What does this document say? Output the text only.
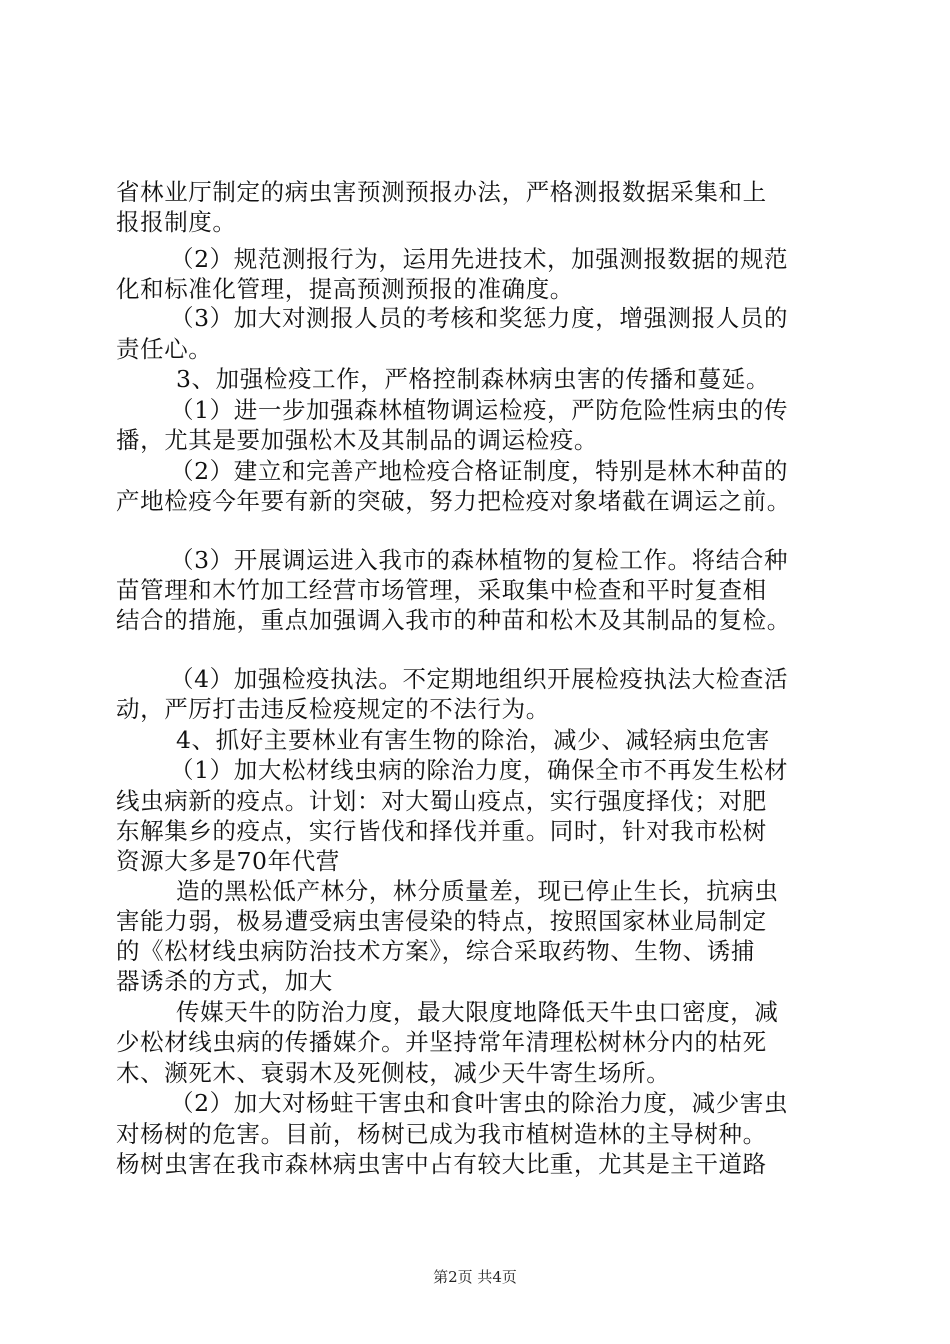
省林业厅制定的病虫害预测预报办法，严格测报数据采集和上
报报制度。
（2）规范测报行为，运用先进技术，加强测报数据的规范
化和标准化管理，提高预测预报的准确度。
（3）加大对测报人员的考核和奖惩力度，增强测报人员的
责任心。
3、加强检疫工作，严格控制森林病虫害的传播和蔓延。
（1）进一步加强森林植物调运检疫，严防危险性病虫的传
播，尤其是要加强松木及其制品的调运检疫。
（2）建立和完善产地检疫合格证制度，特别是林木种苗的
产地检疫今年要有新的突破，努力把检疫对象堵截在调运之前。
（3）开展调运进入我市的森林植物的复检工作。将结合种
苗管理和木竹加工经营市场管理，采取集中检查和平时复查相
结合的措施，重点加强调入我市的种苗和松木及其制品的复检。
（4）加强检疫执法。不定期地组织开展检疫执法大检查活
动，严厉打击违反检疫规定的不法行为。
4、抓好主要林业有害生物的除治，减少、减轻病虫危害
（1）加大松材线虫病的除治力度，确保全市不再发生松材
线虫病新的疫点。计划：对大蜀山疫点，实行强度择伐；对肥
东解集乡的疫点，实行皆伐和择伐并重。同时，针对我市松树
资源大多是70年代营
造的黑松低产林分，林分质量差，现已停止生长，抗病虫
害能力弱，极易遭受病虫害侵染的特点，按照国家林业局制定
的《松材线虫病防治技术方案》，综合采取药物、生物、诱捕
器诱杀的方式，加大
传媒天牛的防治力度，最大限度地降低天牛虫口密度，减
少松材线虫病的传播媒介。并坚持常年清理松树林分内的枯死
木、濒死木、衰弱木及死侧枝，减少天牛寄生场所。
（2）加大对杨蛀干害虫和食叶害虫的除治力度，减少害虫
对杨树的危害。目前，杨树已成为我市植树造林的主导树种。
杨树虫害在我市森林病虫害中占有较大比重，尤其是主干道路
第2页 共4页
